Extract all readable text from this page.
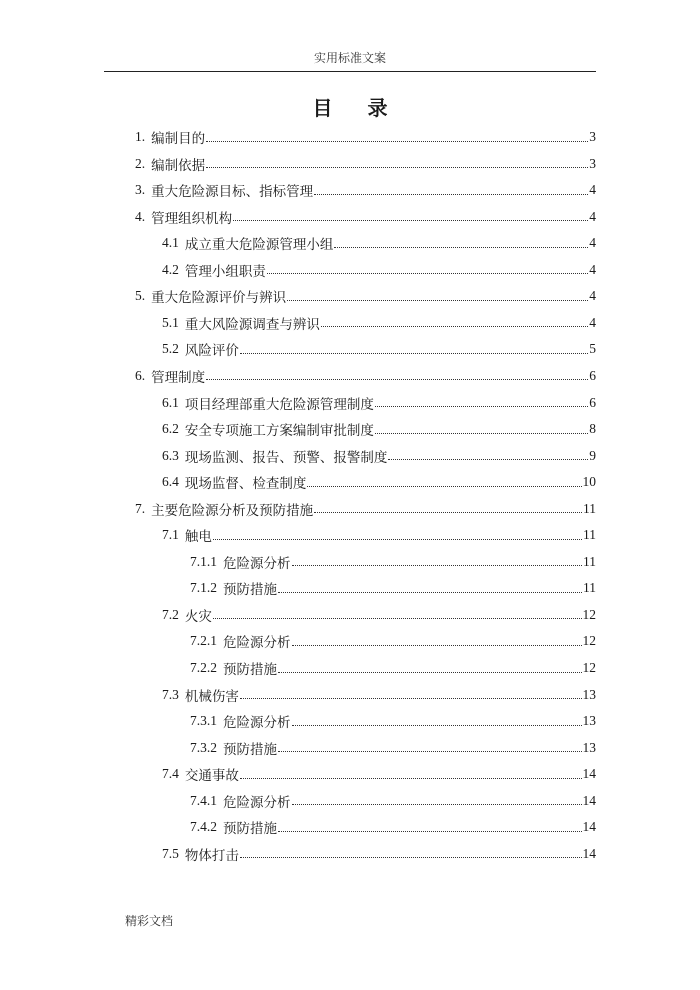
实用标准文案
目 录
1. 编制目的	3
2. 编制依据	3
3. 重大危险源目标、指标管理	4
4. 管理组织机构	4
4.1 成立重大危险源管理小组	4
4.2 管理小组职责	4
5. 重大危险源评价与辨识	4
5.1 重大风险源调查与辨识	4
5.2 风险评价	5
6. 管理制度	6
6.1 项目经理部重大危险源管理制度	6
6.2 安全专项施工方案编制审批制度	8
6.3 现场监测、报告、预警、报警制度	9
6.4 现场监督、检查制度	10
7. 主要危险源分析及预防措施	11
7.1 触电	11
7.1.1 危险源分析	11
7.1.2 预防措施	11
7.2 火灾	12
7.2.1 危险源分析	12
7.2.2 预防措施	12
7.3 机械伤害	13
7.3.1 危险源分析	13
7.3.2 预防措施	13
7.4 交通事故	14
7.4.1 危险源分析	14
7.4.2 预防措施	14
7.5 物体打击	14
精彩文档
